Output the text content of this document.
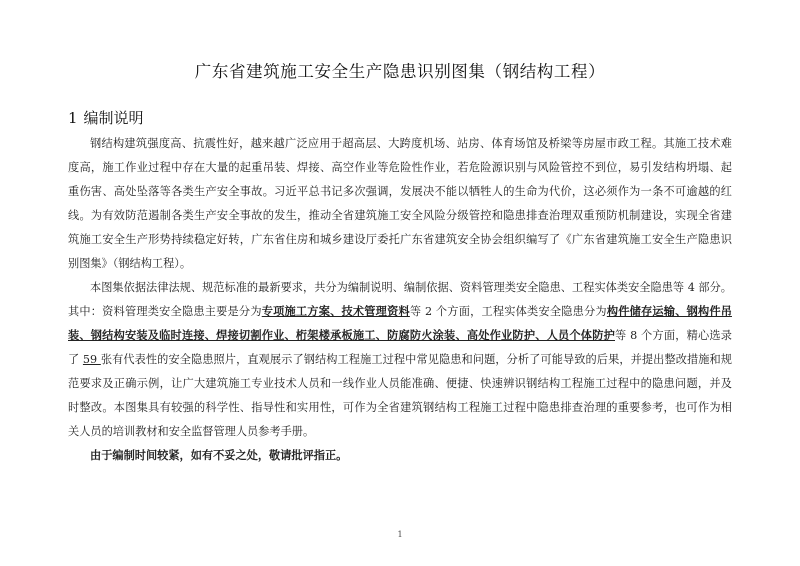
广东省建筑施工安全生产隐患识别图集（钢结构工程）
1 编制说明
钢结构建筑强度高、抗震性好，越来越广泛应用于超高层、大跨度机场、站房、体育场馆及桥梁等房屋市政工程。其施工技术难
度高，施工作业过程中存在大量的起重吊装、焊接、高空作业等危险性作业，若危险源识别与风险管控不到位，易引发结构坍塌、起
重伤害、高处坠落等各类生产安全事故。习近平总书记多次强调，发展决不能以牺牲人的生命为代价，这必须作为一条不可逾越的红
线。为有效防范遏制各类生产安全事故的发生，推动全省建筑施工安全风险分级管控和隐患排查治理双重预防机制建设，实现全省建
筑施工安全生产形势持续稳定好转，广东省住房和城乡建设厅委托广东省建筑安全协会组织编写了《广东省建筑施工安全生产隐患识
别图集》（钢结构工程）。
本图集依据法律法规、规范标准的最新要求，共分为编制说明、编制依据、资料管理类安全隐患、工程实体类安全隐患等 4 部分。
其中：资料管理类安全隐患主要是分为专项施工方案、技术管理资料等 2 个方面，工程实体类安全隐患分为构件储存运输、钢构件吊
装、钢结构安装及临时连接、焊接切割作业、桁架楼承板施工、防腐防火涂装、高处作业防护、人员个体防护等 8 个方面，精心选录
了 59 张有代表性的安全隐患照片，直观展示了钢结构工程施工过程中常见隐患和问题，分析了可能导致的后果，并提出整改措施和规
范要求及正确示例，让广大建筑施工专业技术人员和一线作业人员能准确、便捷、快速辨识钢结构工程施工过程中的隐患问题，并及
时整改。本图集具有较强的科学性、指导性和实用性，可作为全省建筑钢结构工程施工过程中隐患排查治理的重要参考，也可作为相
关人员的培训教材和安全监督管理人员参考手册。
由于编制时间较紧，如有不妥之处，敬请批评指正。
1
